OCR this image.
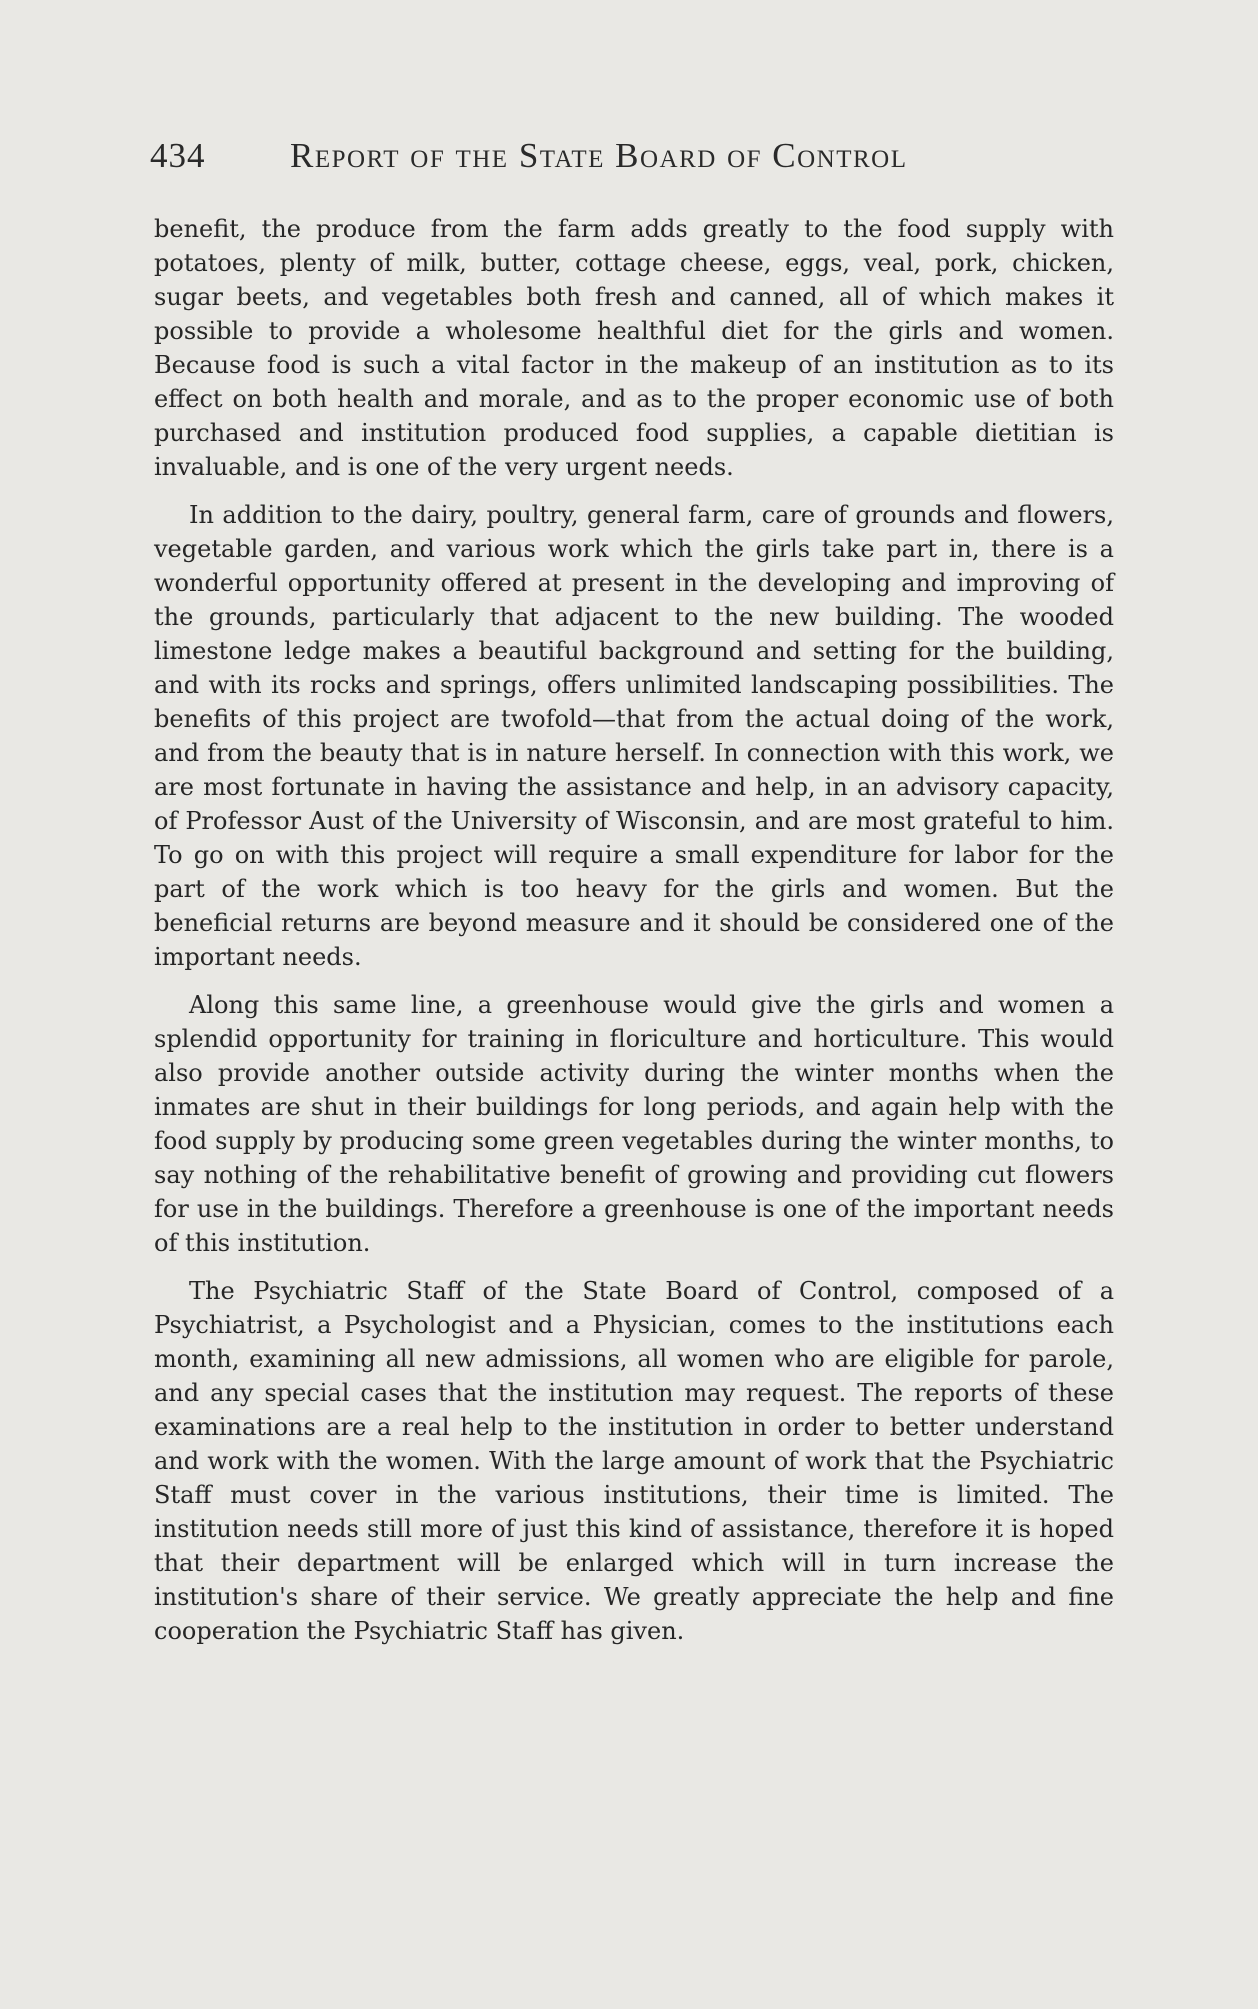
434 Report of the State Board of Control

benefit, the produce from the farm adds greatly to the food supply with potatoes, plenty of milk, butter, cottage cheese, eggs, veal, pork, chicken, sugar beets, and vegetables both fresh and canned, all of which makes it possible to provide a wholesome healthful diet for the girls and women. Because food is such a vital factor in the makeup of an institution as to its effect on both health and morale, and as to the proper economic use of both purchased and institution produced food supplies, a capable dietitian is invaluable, and is one of the very urgent needs.

In addition to the dairy, poultry, general farm, care of grounds and flowers, vegetable garden, and various work which the girls take part in, there is a wonderful opportunity offered at present in the developing and improving of the grounds, particularly that adjacent to the new building. The wooded limestone ledge makes a beautiful background and setting for the building, and with its rocks and springs, offers unlimited landscaping possibilities. The benefits of this project are twofold—that from the actual doing of the work, and from the beauty that is in nature herself. In connection with this work, we are most fortunate in having the assistance and help, in an advisory capacity, of Professor Aust of the University of Wisconsin, and are most grateful to him. To go on with this project will require a small expenditure for labor for the part of the work which is too heavy for the girls and women. But the beneficial returns are beyond measure and it should be considered one of the important needs.

Along this same line, a greenhouse would give the girls and women a splendid opportunity for training in floriculture and horticulture. This would also provide another outside activity during the winter months when the inmates are shut in their buildings for long periods, and again help with the food supply by producing some green vegetables during the winter months, to say nothing of the rehabilitative benefit of growing and providing cut flowers for use in the buildings. Therefore a greenhouse is one of the important needs of this institution.

The Psychiatric Staff of the State Board of Control, composed of a Psychiatrist, a Psychologist and a Physician, comes to the institutions each month, examining all new admissions, all women who are eligible for parole, and any special cases that the institution may request. The reports of these examinations are a real help to the institution in order to better understand and work with the women. With the large amount of work that the Psychiatric Staff must cover in the various institutions, their time is limited. The institution needs still more of just this kind of assistance, therefore it is hoped that their department will be enlarged which will in turn increase the institution's share of their service. We greatly appreciate the help and fine cooperation the Psychiatric Staff has given.
